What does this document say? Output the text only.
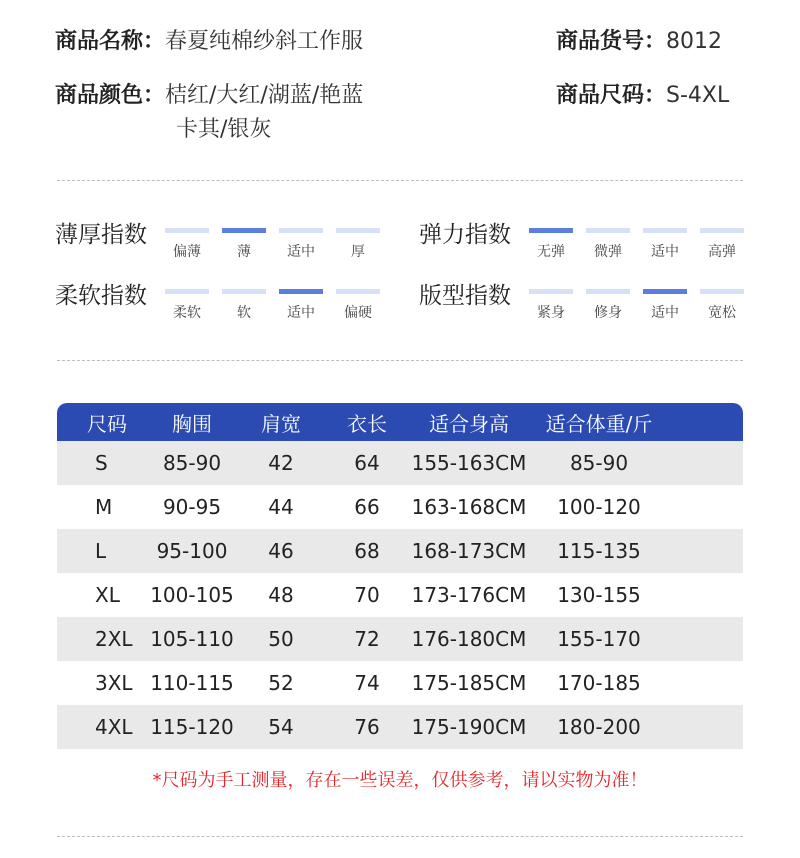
商品名称：春夏纯棉纱斜工作服	商品货号：8012
商品颜色：桔红/大红/湖蓝/艳蓝
卡其/银灰
商品尺码：S-4XL
薄厚指数	弹力指数
柔软指数	版型指数
尺码	胸围	肩宽	衣长	适合身高	适合体重/斤
S	85-90	42	64	155-163CM	85-90
M	90-95	44	66	163-168CM	100-120
L	95-100	46	68	168-173CM	115-135
XL	100-105	48	70	173-176CM	130-155
2XL 105-110	50	72	176-180CM	155-170
3XL 110-115	52	74	175-185CM	170-185
4XL 115-120	54	76	175-190CM	180-200
*尺码为手工测量，存在一些误差，仅供参考，请以实物为准！
偏薄	薄	适中	厚	无弹	微弹	适中	高弹
柔软	软	适中	偏硬	紧身	修身	适中	宽松
